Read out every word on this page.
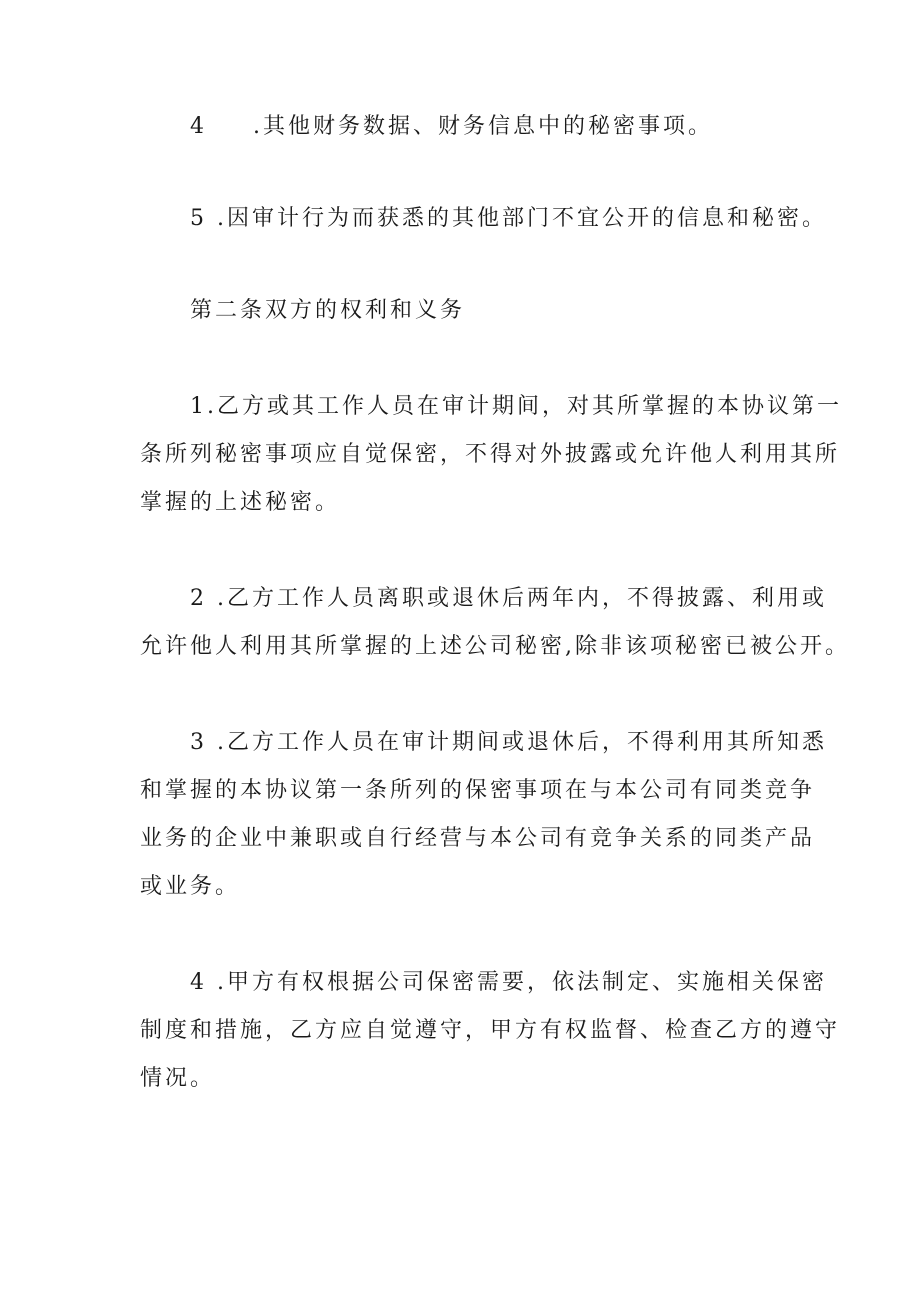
4 .其他财务数据、财务信息中的秘密事项。
5 .因审计行为而获悉的其他部门不宜公开的信息和秘密。
第二条双方的权利和义务
1.乙方或其工作人员在审计期间，对其所掌握的本协议第一
条所列秘密事项应自觉保密，不得对外披露或允许他人利用其所
掌握的上述秘密。
2 .乙方工作人员离职或退休后两年内，不得披露、利用或
允许他人利用其所掌握的上述公司秘密,除非该项秘密已被公开。
3 .乙方工作人员在审计期间或退休后，不得利用其所知悉
和掌握的本协议第一条所列的保密事项在与本公司有同类竞争
业务的企业中兼职或自行经营与本公司有竞争关系的同类产品
或业务。
4 .甲方有权根据公司保密需要，依法制定、实施相关保密
制度和措施，乙方应自觉遵守，甲方有权监督、检查乙方的遵守
情况。
